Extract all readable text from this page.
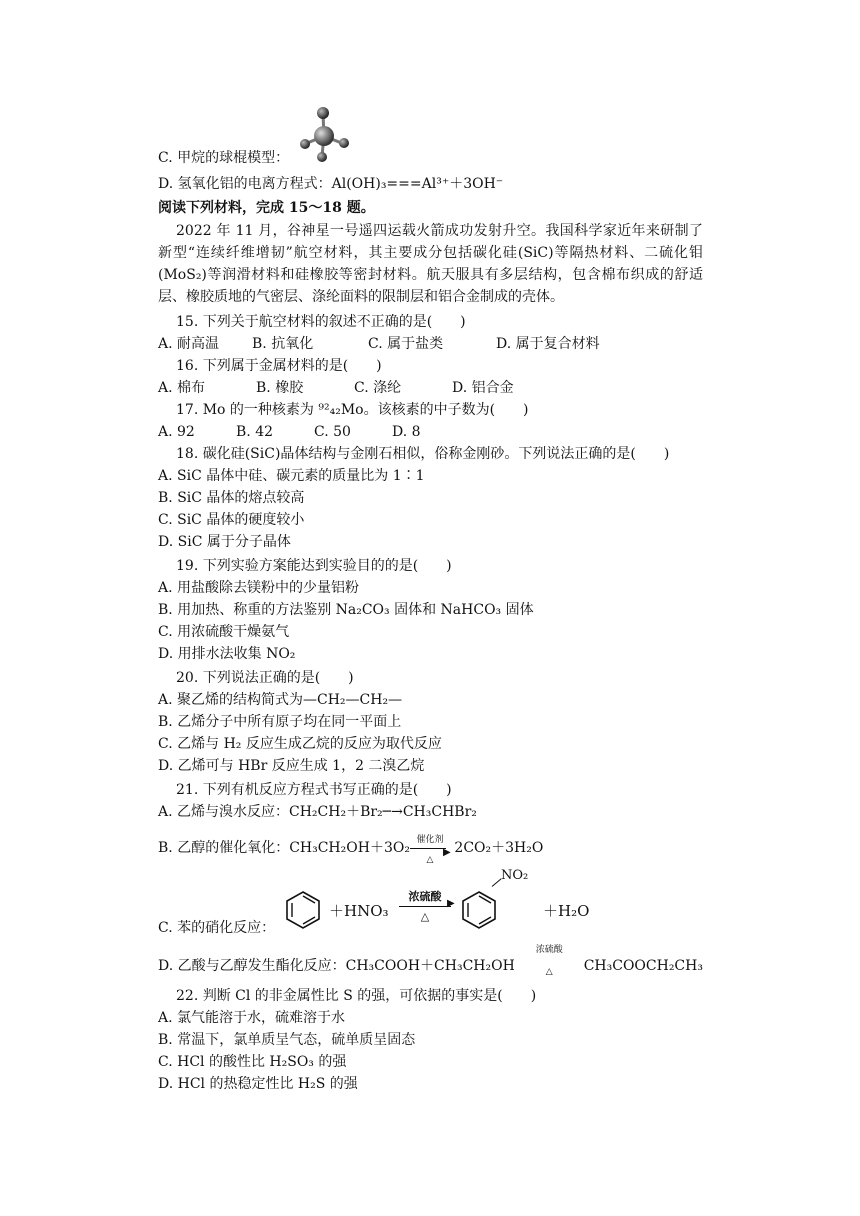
C. 甲烷的球棍模型：
D. 氢氧化铝的电离方程式：Al(OH)₃===Al³⁺＋3OH⁻
阅读下列材料，完成 15～18 题。
2022 年 11 月，谷神星一号遥四运载火箭成功发射升空。我国科学家近年来研制了新型“连续纤维增韧”航空材料，其主要成分包括碳化硅(SiC)等隔热材料、二硫化钼(MoS₂)等润滑材料和硅橡胶等密封材料。航天服具有多层结构，包含棉布织成的舒适层、橡胶质地的气密层、涤纶面料的限制层和铝合金制成的壳体。
15. 下列关于航空材料的叙述不正确的是(　　)
A. 耐高温 B. 抗氧化	C. 属于盐类	D. 属于复合材料
16. 下列属于金属材料的是(　　)
A. 棉布	B. 橡胶	C. 涤纶	D. 铝合金
17. Mo 的一种核素为 ⁹²₄₂Mo。该核素的中子数为(　　)
A. 92	B. 42	C. 50	D. 8
18. 碳化硅(SiC)晶体结构与金刚石相似，俗称金刚砂。下列说法正确的是(　　)
A. SiC 晶体中硅、碳元素的质量比为 1∶1
B. SiC 晶体的熔点较高
C. SiC 晶体的硬度较小
D. SiC 属于分子晶体
19. 下列实验方案能达到实验目的的是(　　)
A. 用盐酸除去镁粉中的少量铝粉
B. 用加热、称重的方法鉴别 Na₂CO₃ 固体和 NaHCO₃ 固体
C. 用浓硫酸干燥氨气
D. 用排水法收集 NO₂
20. 下列说法正确的是(　　)
A. 聚乙烯的结构简式为—CH₂—CH₂—
B. 乙烯分子中所有原子均在同一平面上
C. 乙烯与 H₂ 反应生成乙烷的反应为取代反应
D. 乙烯可与 HBr 反应生成 1，2 二溴乙烷
21. 下列有机反应方程式书写正确的是(　　)
A. 乙烯与溴水反应：CH₂CH₂＋Br₂─→CH₃CHBr₂
B. 乙醇的催化氧化：CH₃CH₂OH＋3O₂ 催化剂
▶
△
2CO₂＋3H₂O
C. 苯的硝化反应：
＋HNO₃
浓硫酸
▶
△
NO₂
＋H₂O
D. 乙酸与乙醇发生酯化反应：CH₃COOH＋CH₃CH₂OH
浓硫酸
△	CH₃COOCH₂CH₃
22. 判断 Cl 的非金属性比 S 的强，可依据的事实是(　　)
A. 氯气能溶于水，硫难溶于水
B. 常温下，氯单质呈气态，硫单质呈固态
C. HCl 的酸性比 H₂SO₃ 的强
D. HCl 的热稳定性比 H₂S 的强
